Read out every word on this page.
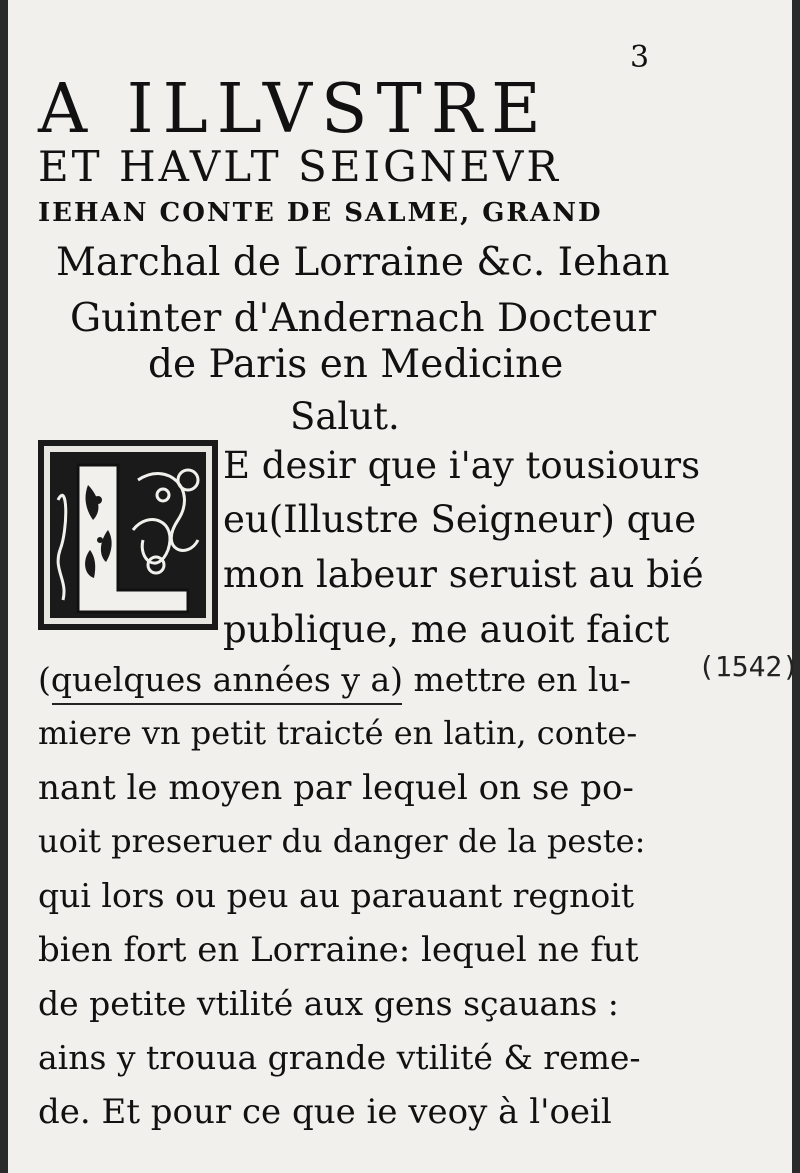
3
A ILLVSTRE
ET HAVLT SEIGNEVR
IEHAN CONTE DE SALME, GRAND
Marchal de Lorraine &c. Iehan
Guinter d'Andernach Docteur
de Paris en Medicine
Salut.
E desir que i'ay tousiours
eu(Illustre Seigneur) que
mon labeur seruist au bié
publique, me auoit faict
(quelques années y a) mettre en lu-
miere vn petit traicté en latin, conte-
nant le moyen par lequel on se po-
uoit preseruer du danger de la peste:
qui lors ou peu au parauant regnoit
bien fort en Lorraine: lequel ne fut
de petite vtilité aux gens sçauans :
ains y trouua grande vtilité & reme-
de. Et pour ce que ie veoy à l'oeil
(1542)
